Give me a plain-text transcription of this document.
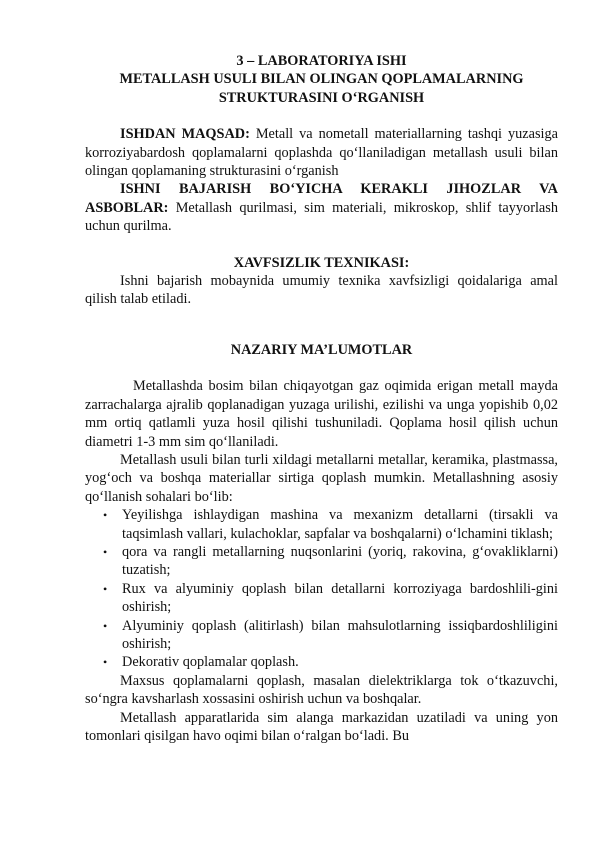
3 – LABORATORIYA ISHI

METALLASH USULI BILAN OLINGAN QOPLAMALARNING STRUKTURASINI O‘RGANISH

ISHDAN MAQSAD: Metall va nometall materiallarning tashqi yuzasiga korroziyabardosh qoplamalarni qoplashda qo‘llaniladigan metallash usuli bilan olingan qoplamaning strukturasini o‘rganish

ISHNI BAJARISH BO‘YICHA KERAKLI JIHOZLAR VA ASBOBLAR: Metallash qurilmasi, sim materiali, mikroskop, shlif tayyorlash uchun qurilma.

XAVFSIZLIK TEXNIKASI:

Ishni bajarish mobaynida umumiy texnika xavfsizligi qoidalariga amal qilish talab etiladi.

NAZARIY MA’LUMOTLAR

Metallashda bosim bilan chiqayotgan gaz oqimida erigan metall mayda zarrachalarga ajralib qoplanadigan yuzaga urilishi, ezilishi va unga yopishib 0,02 mm ortiq qatlamli yuza hosil qilishi tushuniladi. Qoplama hosil qilish uchun diametri 1-3 mm sim qo‘llaniladi.

Metallash usuli bilan turli xildagi metallarni metallar, keramika, plastmassa, yog‘och va boshqa materiallar sirtiga qoplash mumkin. Metallashning asosiy qo‘llanish sohalari bo‘lib:

• Yeyilishga ishlaydigan mashina va mexanizm detallarni (tirsakli va taqsimlash vallari, kulachoklar, sapfalar va boshqalarni) o‘lchamini tiklash;
• qora va rangli metallarning nuqsonlarini (yoriq, rakovina, g‘ovakliklarni) tuzatish;
• Rux va alyuminiy qoplash bilan detallarni korroziyaga bardoshlili-gini oshirish;
• Alyuminiy qoplash (alitirlash) bilan mahsulotlarning issiqbardoshliligini oshirish;
• Dekorativ qoplamalar qoplash.

Maxsus qoplamalarni qoplash, masalan dielektriklarga tok o‘tkazuvchi, so‘ngra kavsharlash xossasini oshirish uchun va boshqalar.

Metallash apparatlarida sim alanga markazidan uzatiladi va uning yon tomonlari qisilgan havo oqimi bilan o‘ralgan bo‘ladi. Bu
